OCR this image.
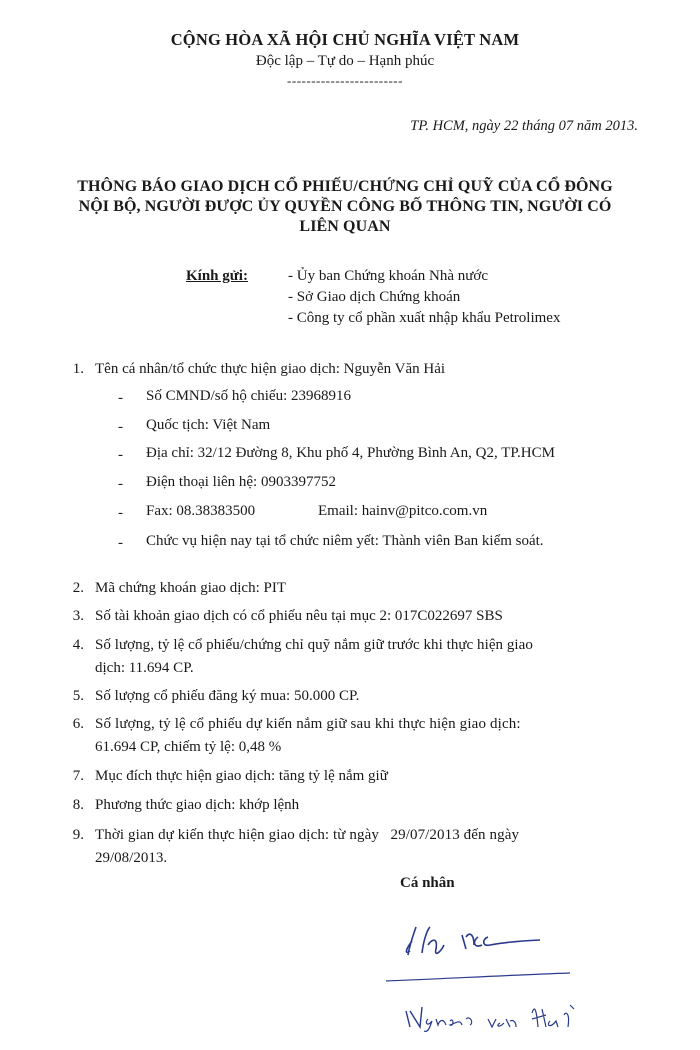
CỘNG HÒA XÃ HỘI CHỦ NGHĨA VIỆT NAM
Độc lập – Tự do – Hạnh phúc
------------------------
TP. HCM, ngày 22 tháng 07 năm 2013.
THÔNG BÁO GIAO DỊCH CỔ PHIẾU/CHỨNG CHỈ QUỸ CỦA CỔ ĐÔNG
NỘI BỘ, NGƯỜI ĐƯỢC ỦY QUYỀN CÔNG BỐ THÔNG TIN, NGƯỜI CÓ
LIÊN QUAN
Kính gửi:	- Ủy ban Chứng khoán Nhà nước
- Sở Giao dịch Chứng khoán
- Công ty cổ phần xuất nhập khẩu Petrolimex
1. Tên cá nhân/tổ chức thực hiện giao dịch: Nguyễn Văn Hải
- Số CMND/số hộ chiếu: 23968916
- Quốc tịch: Việt Nam
- Địa chỉ: 32/12 Đường 8, Khu phố 4, Phường Bình An, Q2, TP.HCM
- Điện thoại liên hệ: 0903397752
- Fax: 08.38383500	Email: hainv@pitco.com.vn
- Chức vụ hiện nay tại tổ chức niêm yết: Thành viên Ban kiểm soát.
2. Mã chứng khoán giao dịch: PIT
3. Số tài khoản giao dịch có cổ phiếu nêu tại mục 2: 017C022697 SBS
4. Số lượng, tỷ lệ cổ phiếu/chứng chỉ quỹ nắm giữ trước khi thực hiện giao
dịch: 11.694 CP.
5. Số lượng cổ phiếu đăng ký mua: 50.000 CP.
6. Số lượng, tỷ lệ cổ phiếu dự kiến nắm giữ sau khi thực hiện giao dịch:
61.694 CP, chiếm tỷ lệ: 0,48 %
7. Mục đích thực hiện giao dịch: tăng tỷ lệ nắm giữ
8. Phương thức giao dịch: khớp lệnh
9. Thời gian dự kiến thực hiện giao dịch: từ ngày   29/07/2013 đến ngày
29/08/2013.
Cá nhân
